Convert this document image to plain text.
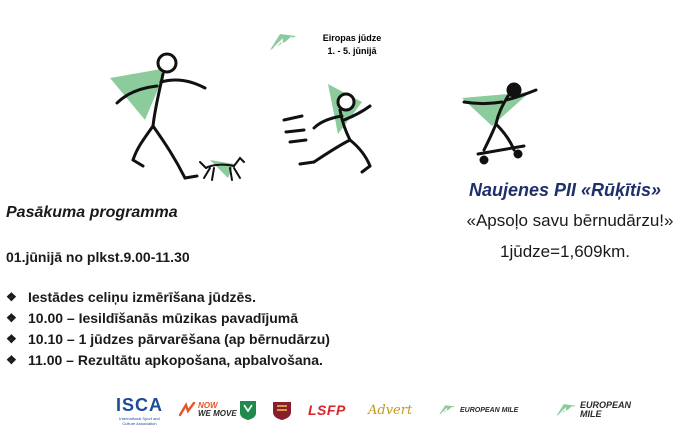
Eiropas jūdze
1. - 5. jūnijā
Naujenes PII «Rūķītis»
«Apsoļo savu bērnudārzu!»
1jūdze=1,609km.
Pasākuma programma
01.jūnijā no plkst.9.00-11.30
❖ Iestādes celiņu izmērīšana jūdzēs.
❖ 10.00 – Iesildīšanās mūzikas pavadījumā
❖ 10.10 – 1 jūdzes pārvarēšana (ap bērnudārzu)
❖ 11.00 – Rezultātu apkopošana, apbalvošana.
ISCA
International Sport and
Culture Association
NOW
WE MOVE	LSFP Advert	EUROPEAN MILE	EUROPEAN
MILE
